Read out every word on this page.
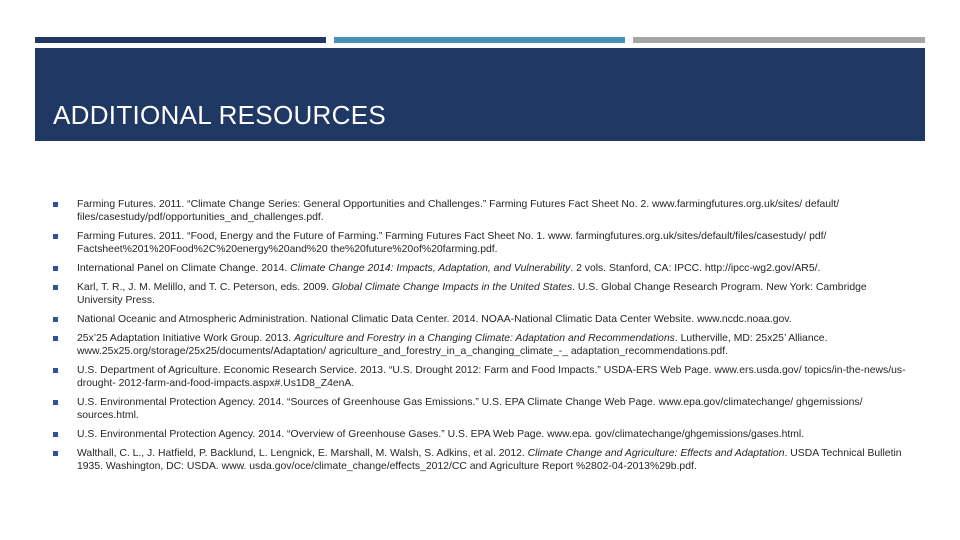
ADDITIONAL RESOURCES
Farming Futures. 2011. “Climate Change Series: General Opportunities and Challenges.” Farming Futures Fact Sheet No. 2. www.farmingfutures.org.uk/sites/ default/ files/casestudy/pdf/opportunities_and_challenges.pdf.
Farming Futures. 2011. “Food, Energy and the Future of Farming.” Farming Futures Fact Sheet No. 1. www. farmingfutures.org.uk/sites/default/files/casestudy/ pdf/ Factsheet%201%20Food%2C%20energy%20and%20 the%20future%20of%20farming.pdf.
International Panel on Climate Change. 2014. Climate Change 2014: Impacts, Adaptation, and Vulnerability. 2 vols. Stanford, CA: IPCC. http://ipcc-wg2.gov/AR5/.
Karl, T. R., J. M. Melillo, and T. C. Peterson, eds. 2009. Global Climate Change Impacts in the United States. U.S. Global Change Research Program. New York: Cambridge University Press.
National Oceanic and Atmospheric Administration. National Climatic Data Center. 2014. NOAA-National Climatic Data Center Website. www.ncdc.noaa.gov.
25x’25 Adaptation Initiative Work Group. 2013. Agriculture and Forestry in a Changing Climate: Adaptation and Recommendations. Lutherville, MD: 25x25’ Alliance. www.25x25.org/storage/25x25/documents/Adaptation/ agriculture_and_forestry_in_a_changing_climate_-_ adaptation_recommendations.pdf.
U.S. Department of Agriculture. Economic Research Service. 2013. “U.S. Drought 2012: Farm and Food Impacts.” USDA-ERS Web Page. www.ers.usda.gov/ topics/in-the-news/us-drought- 2012-farm-and-food-impacts.aspx#.Us1D8_Z4enA.
U.S. Environmental Protection Agency. 2014. “Sources of Greenhouse Gas Emissions.” U.S. EPA Climate Change Web Page. www.epa.gov/climatechange/ ghgemissions/ sources.html.
U.S. Environmental Protection Agency. 2014. “Overview of Greenhouse Gases.” U.S. EPA Web Page. www.epa. gov/climatechange/ghgemissions/gases.html.
Walthall, C. L., J. Hatfield, P. Backlund, L. Lengnick, E. Marshall, M. Walsh, S. Adkins, et al. 2012. Climate Change and Agriculture: Effects and Adaptation. USDA Technical Bulletin 1935. Washington, DC: USDA. www. usda.gov/oce/climate_change/effects_2012/CC and Agriculture Report %2802-04-2013%29b.pdf.
